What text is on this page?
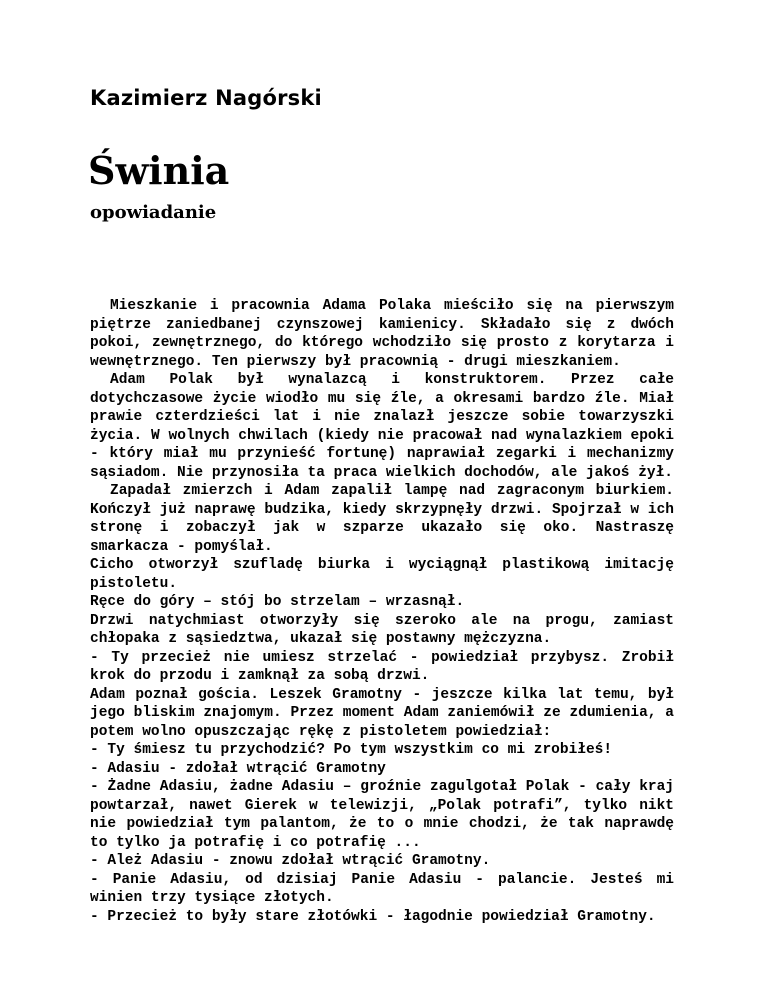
Kazimierz Nagórski
Świnia
opowiadanie

Mieszkanie i pracownia Adama Polaka mieściło się na pierwszym piętrze zaniedbanej czynszowej kamienicy. Składało się z dwóch pokoi, zewnętrznego, do którego wchodziło się prosto z korytarza i wewnętrznego. Ten pierwszy był pracownią - drugi mieszkaniem.

Adam Polak był wynalazcą i konstruktorem. Przez całe dotychczasowe życie wiodło mu się źle, a okresami bardzo źle. Miał prawie czterdzieści lat i nie znalazł jeszcze sobie towarzyszki życia. W wolnych chwilach (kiedy nie pracował nad wynalazkiem epoki - który miał mu przynieść fortunę) naprawiał zegarki i mechanizmy sąsiadom. Nie przynosiła ta praca wielkich dochodów, ale jakoś żył.

Zapadał zmierzch i Adam zapalił lampę nad zagraconym biurkiem. Kończył już naprawę budzika, kiedy skrzypnęły drzwi. Spojrzał w ich stronę i zobaczył jak w szparze ukazało się oko. Nastraszę smarkacza - pomyślał.

Cicho otworzył szufladę biurka i wyciągnął plastikową imitację pistoletu.

Ręce do góry – stój bo strzelam – wrzasnął.

Drzwi natychmiast otworzyły się szeroko ale na progu, zamiast chłopaka z sąsiedztwa, ukazał się postawny mężczyzna.

- Ty przecież nie umiesz strzelać - powiedział przybysz. Zrobił krok do przodu i zamknął za sobą drzwi.

Adam poznał gościa. Leszek Gramotny - jeszcze kilka lat temu, był jego bliskim znajomym. Przez moment Adam zaniemówił ze zdumienia, a potem wolno opuszczając rękę z pistoletem powiedział:

- Ty śmiesz tu przychodzić? Po tym wszystkim co mi zrobiłeś!

- Adasiu - zdołał wtrącić Gramotny

- Żadne Adasiu, żadne Adasiu – groźnie zagulgotał Polak - cały kraj powtarzał, nawet Gierek w telewizji, „Polak potrafi”, tylko nikt nie powiedział tym palantom, że to o mnie chodzi, że tak naprawdę to tylko ja potrafię i co potrafię ...

- Ależ Adasiu - znowu zdołał wtrącić Gramotny.

- Panie Adasiu, od dzisiaj Panie Adasiu - palancie. Jesteś mi winien trzy tysiące złotych.

- Przecież to były stare złotówki - łagodnie powiedział Gramotny.
